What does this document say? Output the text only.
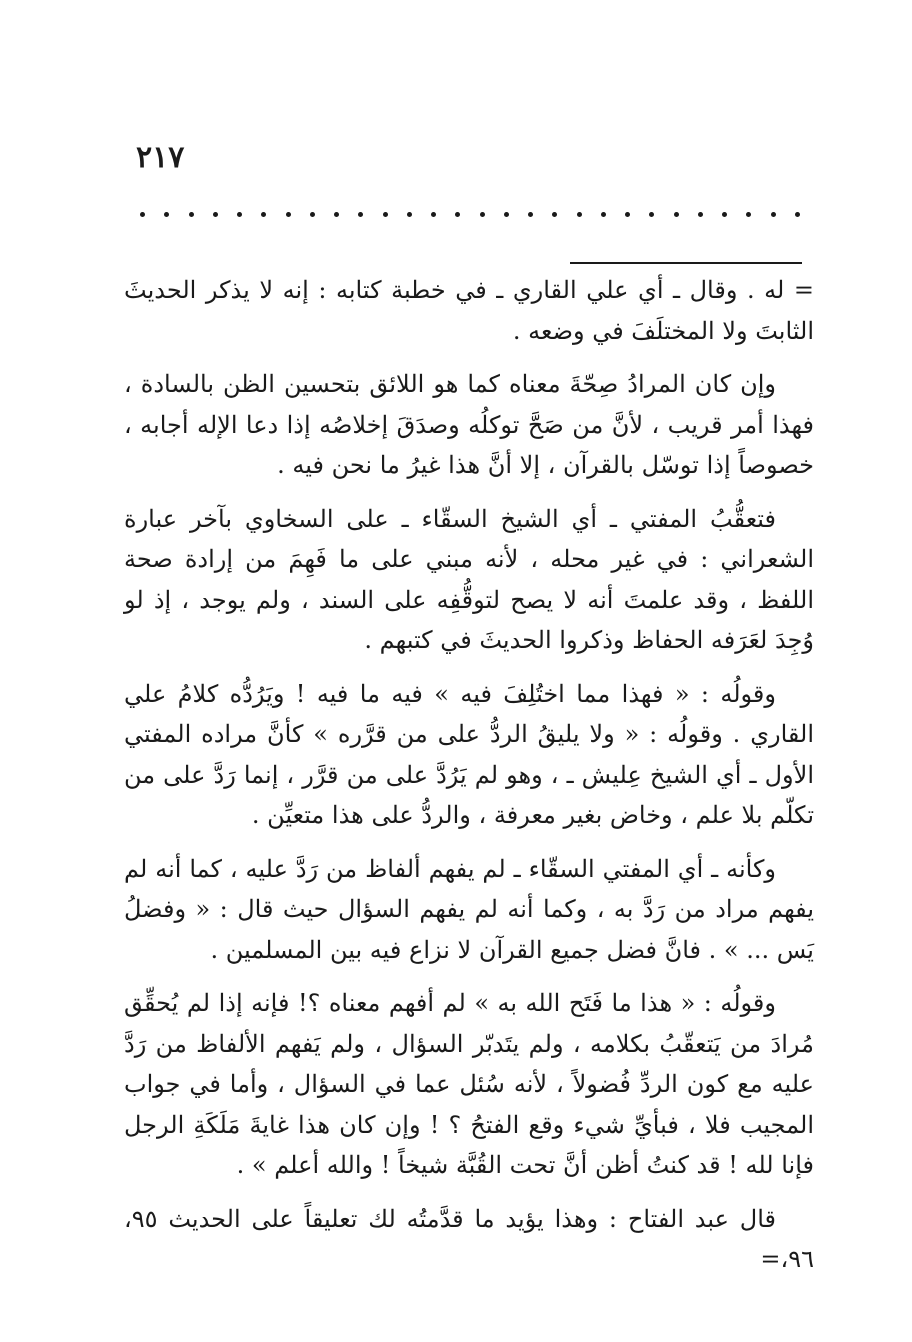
٢١٧

= له . وقال ـ أي علي القاري ـ في خطبة كتابه : إنه لا يذكر الحديثَ الثابتَ ولا المختلَفَ في وضعه .

وإن كان المرادُ صِحّةَ معناه كما هو اللائق بتحسين الظن بالسادة ، فهذا أمر قريب ، لأنَّ من صَحَّ توكلُه وصدَقَ إخلاصُه إذا دعا الإله أجابه ، خصوصاً إذا توسّل بالقرآن ، إلا أنَّ هذا غيرُ ما نحن فيه .

فتعقُّبُ المفتي ـ أي الشيخ السقّاء ـ على السخاوي بآخر عبارة الشعراني : في غير محله ، لأنه مبني على ما فَهِمَ من إرادة صحة اللفظ ، وقد علمتَ أنه لا يصح لتوقُّفِه على السند ، ولم يوجد ، إذ لو وُجِدَ لعَرَفه الحفاظ وذكروا الحديثَ في كتبهم .

وقولُه : « فهذا مما اختُلِفَ فيه » فيه ما فيه ! ويَرُدُّه كلامُ علي القاري . وقولُه : « ولا يليقُ الردُّ على من قرَّره » كأنَّ مراده المفتي الأول ـ أي الشيخ عِليش ـ ، وهو لم يَرُدَّ على من قرَّر ، إنما رَدَّ على من تكلّم بلا علم ، وخاض بغير معرفة ، والردُّ على هذا متعيِّن .

وكأنه ـ أي المفتي السقّاء ـ لم يفهم ألفاظ من رَدَّ عليه ، كما أنه لم يفهم مراد من رَدَّ به ، وكما أنه لم يفهم السؤال حيث قال : « وفضلُ يَس ... » . فانَّ فضل جميع القرآن لا نزاع فيه بين المسلمين .

وقولُه : « هذا ما فَتَح الله به » لم أفهم معناه ؟! فإنه إذا لم يُحقِّق مُرادَ من يَتعقّبُ بكلامه ، ولم يتَدبّر السؤال ، ولم يَفهم الألفاظ من رَدَّ عليه مع كون الردِّ فُضولاً ، لأنه سُئل عما في السؤال ، وأما في جواب المجيب فلا ، فبأيِّ شيء وقع الفتحُ ؟ ! وإن كان هذا غايةَ مَلَكَةِ الرجل فإنا لله ! قد كنتُ أظن أنَّ تحت القُبَّة شيخاً ! والله أعلم » .

قال عبد الفتاح : وهذا يؤيد ما قدَّمتُه لك تعليقاً على الحديث ٩٥، ٩٦،=
